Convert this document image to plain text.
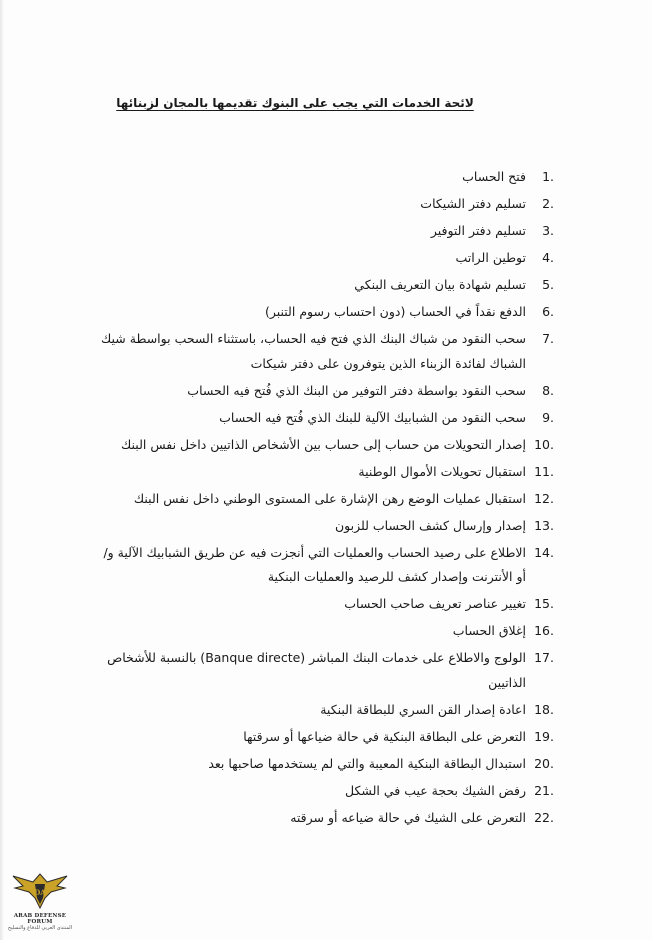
لائحة الخدمات التي يجب على البنوك تقديمها بالمجان لزبنائها
1.
فتح الحساب
2.
تسليم دفتر الشيكات
3.
تسليم دفتر التوفير
4.
توطين الراتب
5.
تسليم شهادة بيان التعريف البنكي
6.
الدفع نقداً في الحساب (دون احتساب رسوم التنبر)
7.
سحب النقود من شباك البنك الذي فتح فيه الحساب، باستثناء السحب بواسطة شيك الشباك لفائدة الزبناء الذين يتوفرون على دفتر شيكات
8.
سحب النقود بواسطة دفتر التوفير من البنك الذي فُتح فيه الحساب
9.
سحب النقود من الشبابيك الآلية للبنك الذي فُتح فيه الحساب
10.
إصدار التحويلات من حساب إلى حساب بين الأشخاص الذاتيين داخل نفس البنك
11.
استقبال تحويلات الأموال الوطنية
12.
استقبال عمليات الوضع رهن الإشارة على المستوى الوطني داخل نفس البنك
13.
إصدار وإرسال كشف الحساب للزبون
14.
الاطلاع على رصيد الحساب والعمليات التي أنجزت فيه عن طريق الشبابيك الآلية و/أو الأنترنت وإصدار كشف للرصيد والعمليات البنكية
15.
تغيير عناصر تعريف صاحب الحساب
16.
إغلاق الحساب
17.
الولوج والاطلاع على خدمات البنك المباشر (Banque directe) بالنسبة للأشخاص الذاتيين
18.
اعادة إصدار القن السري للبطاقة البنكية
19.
التعرض على البطاقة البنكية في حالة ضياعها أو سرقتها
20.
استبدال البطاقة البنكية المعيبة والتي لم يستخدمها صاحبها بعد
21.
رفض الشيك بحجة عيب في الشكل
22.
التعرض على الشيك في حالة ضياعه أو سرقته
DA
ARAB DEFENSE FORUM
المنتدى العربي للدفاع والتسليح
